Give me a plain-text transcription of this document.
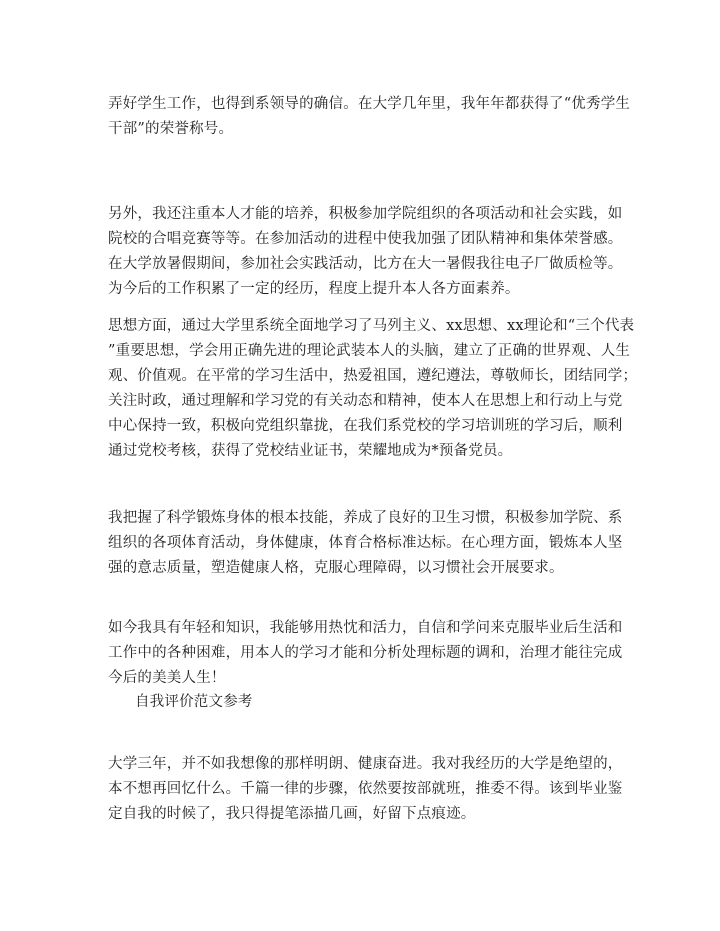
弄好学生工作，也得到系领导的确信。在大学几年里，我年年都获得了“优秀学生
干部”的荣誉称号。

另外，我还注重本人才能的培养，积极参加学院组织的各项活动和社会实践，如
院校的合唱竞赛等等。在参加活动的进程中使我加强了团队精神和集体荣誉感。
在大学放暑假期间，参加社会实践活动，比方在大一暑假我往电子厂做质检等。
为今后的工作积累了一定的经历，程度上提升本人各方面素养。

思想方面，通过大学里系统全面地学习了马列主义、xx思想、xx理论和“三个代表
”重要思想，学会用正确先进的理论武装本人的头脑，建立了正确的世界观、人生
观、价值观。在平常的学习生活中，热爱祖国，遵纪遵法，尊敬师长，团结同学；
关注时政，通过理解和学习党的有关动态和精神，使本人在思想上和行动上与党
中心保持一致，积极向党组织靠拢，在我们系党校的学习培训班的学习后，顺利
通过党校考核，获得了党校结业证书，荣耀地成为*预备党员。

我把握了科学锻炼身体的根本技能，养成了良好的卫生习惯，积极参加学院、系
组织的各项体育活动，身体健康，体育合格标准达标。在心理方面，锻炼本人坚
强的意志质量，塑造健康人格，克服心理障碍，以习惯社会开展要求。

如今我具有年轻和知识，我能够用热忱和活力，自信和学问来克服毕业后生活和
工作中的各种困难，用本人的学习才能和分析处理标题的调和，治理才能往完成
今后的美美人生！

自我评价范文参考

大学三年，并不如我想像的那样明朗、健康奋进。我对我经历的大学是绝望的，
本不想再回忆什么。千篇一律的步骤，依然要按部就班，推委不得。该到毕业鉴
定自我的时候了，我只得提笔添描几画，好留下点痕迹。
